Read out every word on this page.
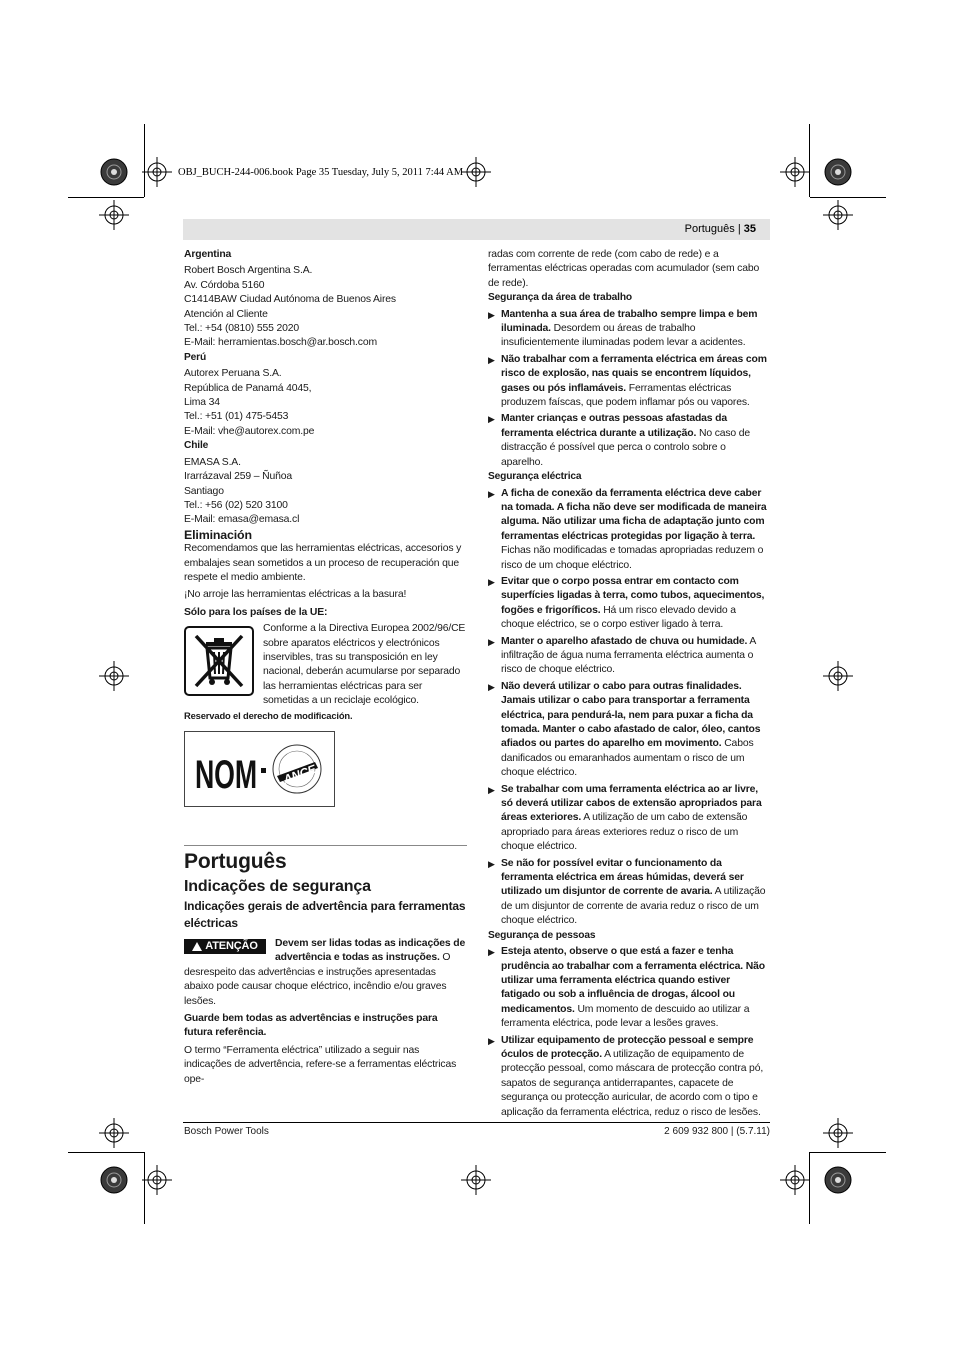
OBJ_BUCH-244-006.book Page 35 Tuesday, July 5, 2011 7:44 AM
Português | 35

Argentina

Robert Bosch Argentina S.A.

Av. Córdoba 5160

C1414BAW Ciudad Autónoma de Buenos Aires

Atención al Cliente

Tel.: +54 (0810) 555 2020

E-Mail: herramientas.bosch@ar.bosch.com

Perú

Autorex Peruana S.A.

República de Panamá 4045,

Lima 34

Tel.: +51 (01) 475-5453

E-Mail: vhe@autorex.com.pe

Chile

EMASA S.A.

Irarrázaval 259 – Ñuñoa

Santiago

Tel.: +56 (02) 520 3100

E-Mail: emasa@emasa.cl

Eliminación

Recomendamos que las herramientas eléctricas, accesorios y embalajes sean sometidos a un proceso de recuperación que respete el medio ambiente.

¡No arroje las herramientas eléctricas a la basura!

Sólo para los países de la UE:

Conforme a la Directiva Europea 2002/96/CE sobre aparatos eléctricos y electrónicos inservibles, tras su transposición en ley nacional, deberán acumularse por separado las herramientas eléctricas para ser sometidas a un reciclaje ecológico.

Reservado el derecho de modificación.

NOM ANCE

Português

Indicações de segurança

Indicações gerais de advertência para ferramentas eléctricas

ATENÇÃO	Devem ser lidas todas as indicações de advertência e todas as instruções. O desrespeito das advertências e instruções apresentadas abaixo pode causar choque eléctrico, incêndio e/ou graves lesões.

Guarde bem todas as advertências e instruções para futura referência.

O termo “Ferramenta eléctrica” utilizado a seguir nas indicações de advertência, refere-se a ferramentas eléctricas ope-

radas com corrente de rede (com cabo de rede) e a ferramentas eléctricas operadas com acumulador (sem cabo de rede).

Segurança da área de trabalho

▶ Mantenha a sua área de trabalho sempre limpa e bem iluminada. Desordem ou áreas de trabalho insuficientemente iluminadas podem levar a acidentes.

▶ Não trabalhar com a ferramenta eléctrica em áreas com risco de explosão, nas quais se encontrem líquidos, gases ou pós inflamáveis. Ferramentas eléctricas produzem faíscas, que podem inflamar pós ou vapores.

▶ Manter crianças e outras pessoas afastadas da ferramenta eléctrica durante a utilização. No caso de distracção é possível que perca o controlo sobre o aparelho.

Segurança eléctrica

▶ A ficha de conexão da ferramenta eléctrica deve caber na tomada. A ficha não deve ser modificada de maneira alguma. Não utilizar uma ficha de adaptação junto com ferramentas eléctricas protegidas por ligação à terra. Fichas não modificadas e tomadas apropriadas reduzem o risco de um choque eléctrico.

▶ Evitar que o corpo possa entrar em contacto com superfícies ligadas à terra, como tubos, aquecimentos, fogões e frigoríficos. Há um risco elevado devido a choque eléctrico, se o corpo estiver ligado à terra.

▶ Manter o aparelho afastado de chuva ou humidade. A infiltração de água numa ferramenta eléctrica aumenta o risco de choque eléctrico.

▶ Não deverá utilizar o cabo para outras finalidades. Jamais utilizar o cabo para transportar a ferramenta eléctrica, para pendurá-la, nem para puxar a ficha da tomada. Manter o cabo afastado de calor, óleo, cantos afiados ou partes do aparelho em movimento. Cabos danificados ou emaranhados aumentam o risco de um choque eléctrico.

▶ Se trabalhar com uma ferramenta eléctrica ao ar livre, só deverá utilizar cabos de extensão apropriados para áreas exteriores. A utilização de um cabo de extensão apropriado para áreas exteriores reduz o risco de um choque eléctrico.

▶ Se não for possível evitar o funcionamento da ferramenta eléctrica em áreas húmidas, deverá ser utilizado um disjuntor de corrente de avaria. A utilização de um disjuntor de corrente de avaria reduz o risco de um choque eléctrico.

Segurança de pessoas

▶ Esteja atento, observe o que está a fazer e tenha prudência ao trabalhar com a ferramenta eléctrica. Não utilizar uma ferramenta eléctrica quando estiver fatigado ou sob a influência de drogas, álcool ou medicamentos. Um momento de descuido ao utilizar a ferramenta eléctrica, pode levar a lesões graves.

▶ Utilizar equipamento de protecção pessoal e sempre óculos de protecção. A utilização de equipamento de protecção pessoal, como máscara de protecção contra pó, sapatos de segurança antiderrapantes, capacete de segurança ou protecção auricular, de acordo com o tipo e aplicação da ferramenta eléctrica, reduz o risco de lesões.

Bosch Power Tools	2 609 932 800 | (5.7.11)
